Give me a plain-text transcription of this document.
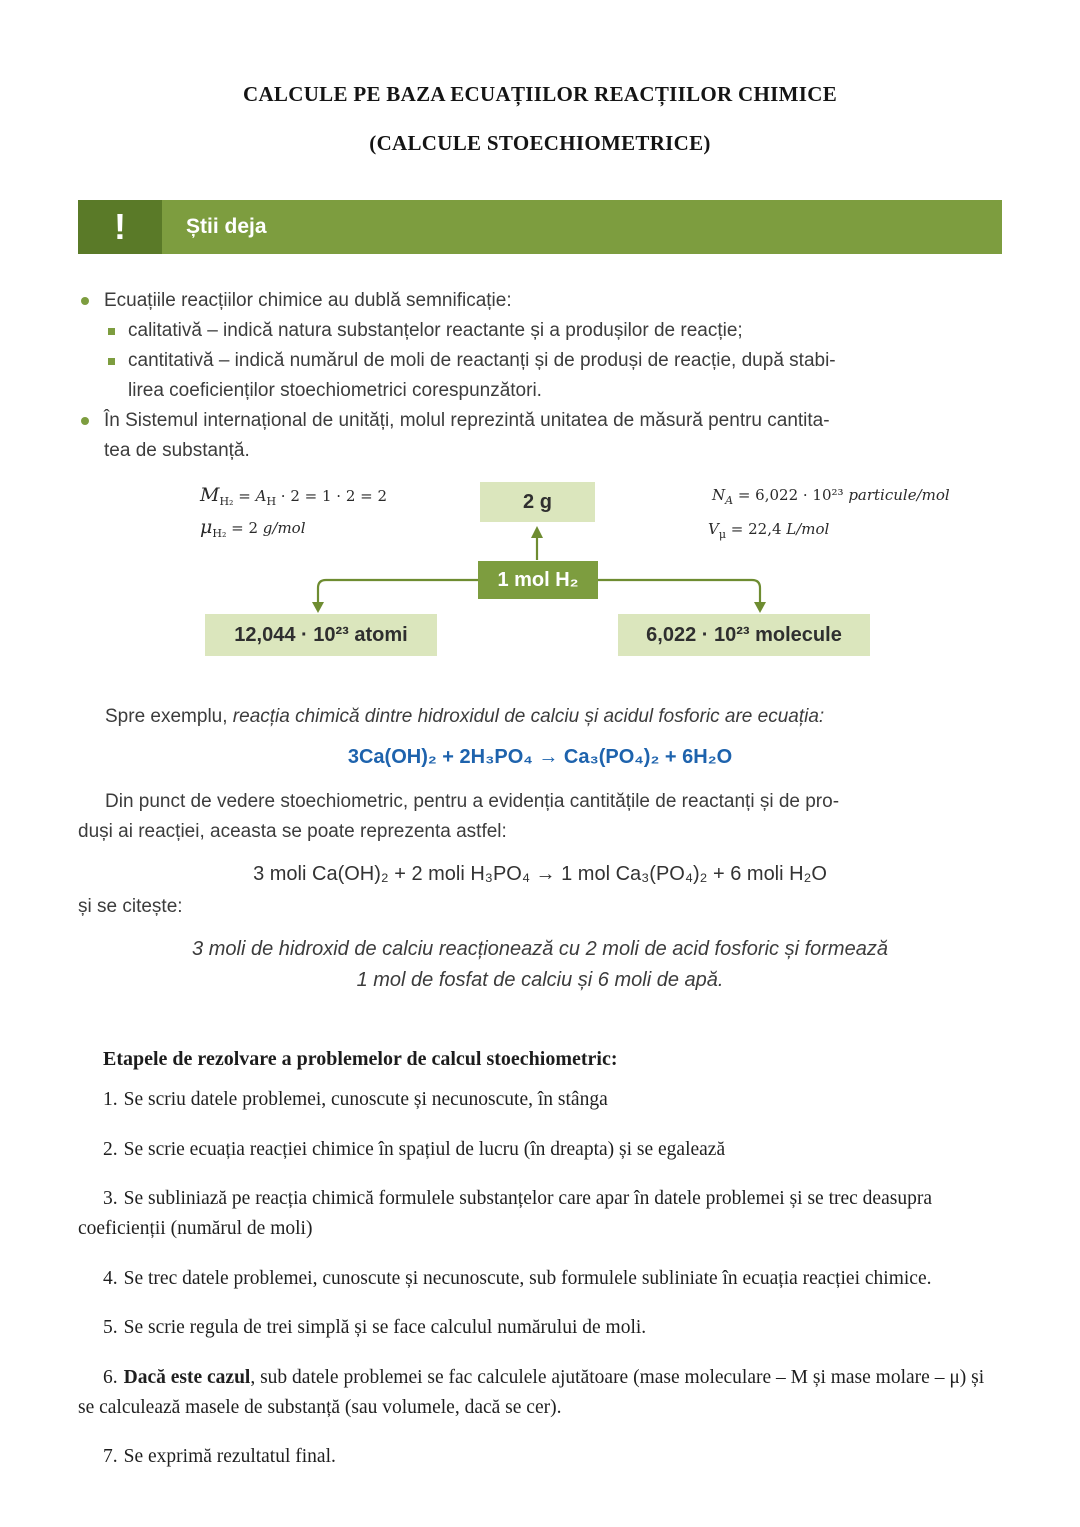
CALCULE PE BAZA ECUAȚIILOR REACȚIILOR CHIMICE
(CALCULE STOECHIOMETRICE)
!	Știi deja
Ecuațiile reacțiilor chimice au dublă semnificație:
calitativă – indică natura substanțelor reactante și a produșilor de reacție;
cantitativă – indică numărul de moli de reactanți și de produși de reacție, după stabi-
lirea coeficienților stoechiometrici corespunzători.
În Sistemul internațional de unități, molul reprezintă unitatea de măsură pentru cantita-
tea de substanță.
$M_{H_2} = A_H \cdot 2 = 1 \cdot 2 = 2$
$\mu_{H_2} = 2$ g/mol
2 g	$N_A = 6,022 \cdot 10^{23}$ particule/mol
$V_\mu = 22,4$ L/mol
1 mol H₂
12,044 · 10²³ atomi	6,022 · 10²³ molecule
Spre exemplu, reacția chimică dintre hidroxidul de calciu și acidul fosforic are ecuația:
3Ca(OH)₂ + 2H₃PO₄ → Ca₃(PO₄)₂ + 6H₂O
Din punct de vedere stoechiometric, pentru a evidenția cantitățile de reactanți și de pro-
duși ai reacției, aceasta se poate reprezenta astfel:
3 moli Ca(OH)₂ + 2 moli H₃PO₄ → 1 mol Ca₃(PO₄)₂ + 6 moli H₂O
și se citește:
3 moli de hidroxid de calciu reacționează cu 2 moli de acid fosforic și formează
1 mol de fosfat de calciu și 6 moli de apă.
Etapele de rezolvare a problemelor de calcul stoechiometric:

1. Se scriu datele problemei, cunoscute și necunoscute, în stânga

2. Se scrie ecuația reacției chimice în spațiul de lucru (în dreapta) și se egalează

3. Se subliniază pe reacția chimică formulele substanțelor care apar în datele problemei și se trec deasupra coeficienții (numărul de moli)

4. Se trec datele problemei, cunoscute și necunoscute, sub formulele subliniate în ecuația reacției chimice.

5. Se scrie regula de trei simplă și se face calculul numărului de moli.

6. Dacă este cazul, sub datele problemei se fac calculele ajutătoare (mase moleculare – M și mase molare – μ) și se calculează masele de substanță (sau volumele, dacă se cer).

7. Se exprimă rezultatul final.
